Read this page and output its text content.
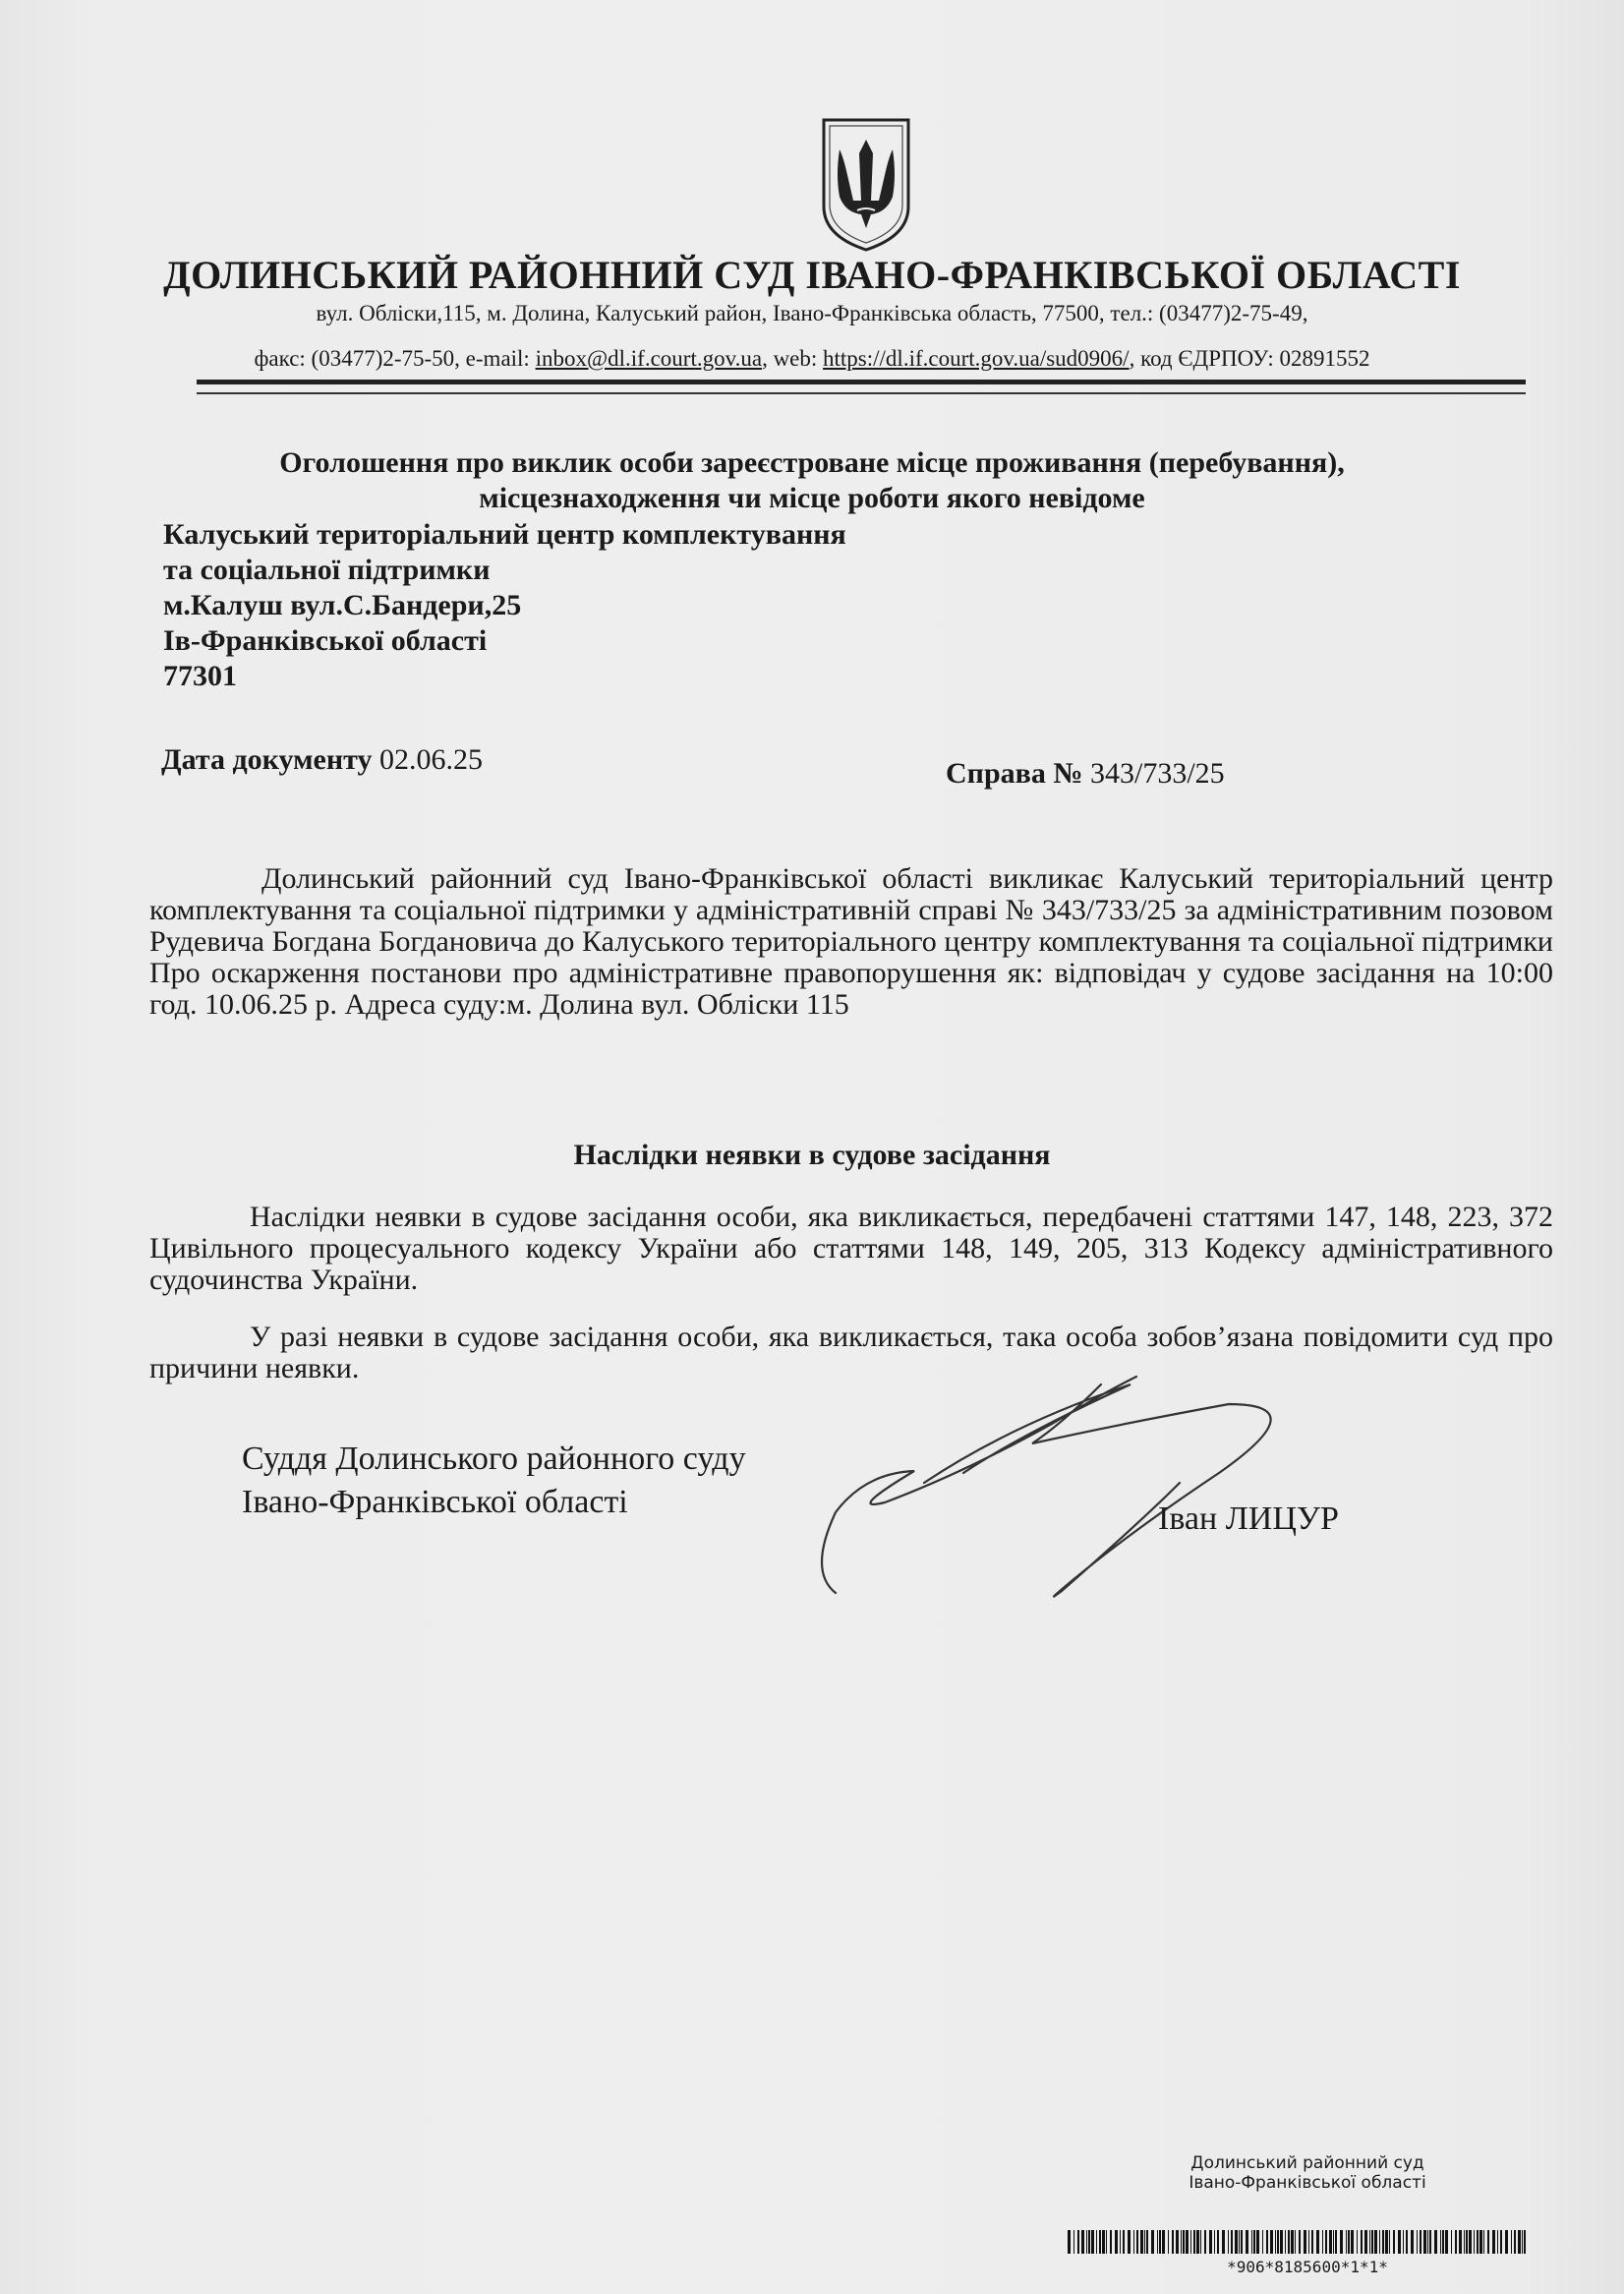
ДОЛИНСЬКИЙ РАЙОННИЙ СУД ІВАНО-ФРАНКІВСЬКОЇ ОБЛАСТІ
вул. Обліски,115, м. Долина, Калуський район, Івано-Франківська область, 77500, тел.: (03477)2-75-49,
факс: (03477)2-75-50, e-mail: inbox@dl.if.court.gov.ua, web: https://dl.if.court.gov.ua/sud0906/, код ЄДРПОУ: 02891552
Оголошення про виклик особи зареєстроване місце проживання (перебування),
місцезнаходження чи місце роботи якого невідоме
Калуський територіальний центр комплектування
та соціальної підтримки
м.Калуш вул.С.Бандери,25
Ів-Франківської області
77301
Дата документу 02.06.25	Справа № 343/733/25
Долинський районний суд Івано-Франківської області викликає Калуський територіальний центр комплектування та соціальної підтримки у адміністративній справі № 343/733/25 за адміністративним позовом Рудевича Богдана Богдановича до Калуського територіального центру комплектування та соціальної підтримки Про оскарження постанови про адміністративне правопорушення як: відповідач у судове засідання на 10:00 год. 10.06.25 р. Адреса суду:м. Долина вул. Обліски 115
Наслідки неявки в судове засідання
Наслідки неявки в судове засідання особи, яка викликається, передбачені статтями 147, 148, 223, 372 Цивільного процесуального кодексу України або статтями 148, 149, 205, 313 Кодексу адміністративного судочинства України.
У разі неявки в судове засідання особи, яка викликається, така особа зобов’язана повідомити суд про причини неявки.
Суддя Долинського районного суду
Івано-Франківської області	Іван ЛИЦУР
Долинський районний суд
Івано-Франківської області
*906*8185600*1*1*
